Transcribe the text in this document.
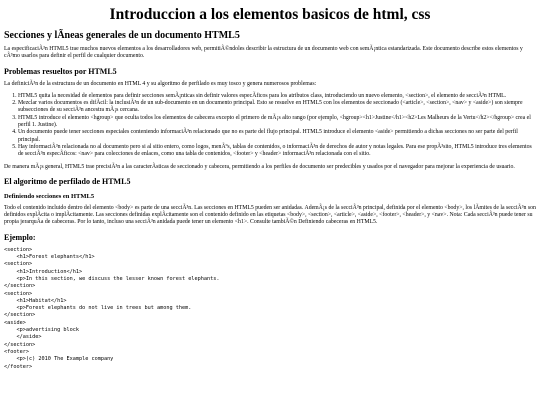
Introduccion a los elementos basicos de html, css
Secciones y lÃneas generales de un documento HTML5

La especificaciÃ³n HTML5 trae muchos nuevos elementos a los desarrolladores web, permitiÃ©ndoles describir la estructura de un documento web con semÃ¡ntica estandarizada. Este documento describe estos elementos y cÃ³mo usarlos para definir el perfil de cualquier documento.

Problemas resueltos por HTML5

La definiciÃ³n de la estructura de un documento en HTML 4 y su algoritmo de perfilado es muy tosco y genera numerosos problemas:

1. HTML5 quita la necesidad de elementos para definir secciones semÃ¡nticas sin definir valores especÃficos para los atributos class, introduciendo un nuevo elemento, <section>, el elemento de secciÃ³n HTML.
2. Mezclar varios documentos es difÃcil: la inclusiÃ³n de un sub-documento en un documento principal. Esto se resuelve en HTML5 con los elementos de seccionado (<article>, <section>, <nav> y <aside>) son siempre subsecciones de su secciÃ³n ancestra mÃ¡s cercana.
3. HTML5 introduce el elemento <hgroup> que oculta todos los elementos de cabecera excepto el primero de mÃ¡s alto rango (por ejemplo, <hgroup><h1>Justine</h1><h2>Les Malheurs de la Vertu</h2></hgroup> crea el perfil 1. Justine).
4. Un documento puede tener secciones especiales conteniendo informaciÃ³n relacionado que no es parte del flujo principal. HTML5 introduce el elemento <aside> permitiendo a dichas secciones no ser parte del perfil principal.
5. Hay informaciÃ³n relacionada no al documento pero si al sitio entero, como logos, menÃºs, tablas de contenidos, o informaciÃ³n de derechos de autor y notas legales. Para ese propÃ³sito, HTML5 introduce tres elementos de secciÃ³n especÃficos: <nav> para colecciones de enlaces, como una tabla de contenidos, <footer> y <header> informaciÃ³n relacionada con el sitio.

De manera mÃ¡s general, HTML5 trae precisiÃ³n a las caracterÃsticas de seccionado y cabecera, permitiendo a los perfiles de documento ser predecibles y usados por el navegador para mejorar la experiencia de usuario.

El algoritmo de perfilado de HTML5
Definiendo secciones en HTML5

Todo el contenido incluido dentro del elemento <body> es parte de una secciÃ³n. Las secciones en HTML5 pueden ser anidadas. AdemÃ¡s de la secciÃ³n principal, definida por el elemento <body>, los lÃmites de la secciÃ³n son definidos explÃcita o implÃcitamente. Las secciones definidas explÃcitamente son el contenido definido en las etiquetas <body>, <section>, <article>, <aside>, <footer>, <header>, y <nav>. Nota: Cada secciÃ³n puede tener su propia jerarquÃa de cabeceras. Por lo tanto, incluso una secciÃ³n anidada puede tener un elemento <h1>. Consulte tambiÃ©n Definiendo cabeceras en HTML5.

Ejemplo:
<section>
<h1>Forest elephants</h1>
<section>
<h1>Introduction</h1>
<p>In this section, we discuss the lesser known forest elephants.
</section>
<section>
<h1>Habitat</h1>
<p>Forest elephants do not live in trees but among them.
</section>
<aside>
<p>advertising block
</aside>
</section>
<footer>
<p>(c) 2010 The Example company
</footer>
